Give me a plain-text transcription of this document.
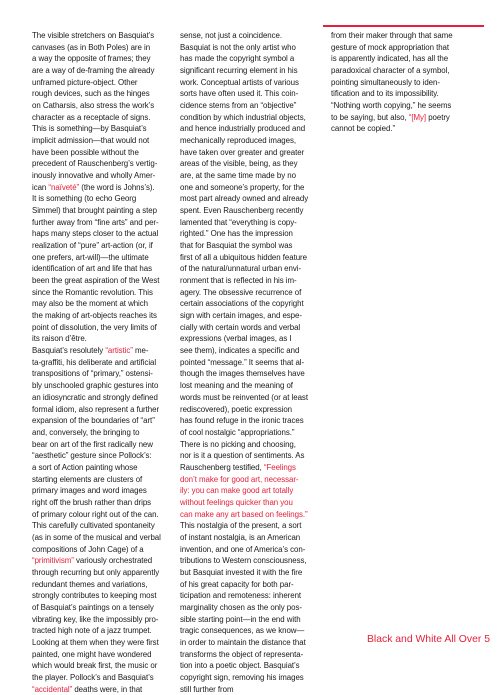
The visible stretchers on Basquiat’s
canvases (as in Both Poles) are in
a way the opposite of frames; they
are a way of de-framing the already
unframed picture-object. Other
rough devices, such as the hinges
on Catharsis, also stress the work’s
character as a receptacle of signs.
This is something—by Basquiat’s
implicit admission—that would not
have been possible without the
precedent of Rauschenberg’s vertig-
inously innovative and wholly Amer-
ican “naïveté” (the word is Johns’s).
It is something (to echo Georg
Simmel) that brought painting a step
further away from “fine arts” and per-
haps many steps closer to the actual
realization of “pure” art-action (or, if
one prefers, art-will)—the ultimate
identification of art and life that has
been the great aspiration of the West
since the Romantic revolution. This
may also be the moment at which
the making of art-objects reaches its
point of dissolution, the very limits of
its raison d’être.
Basquiat’s resolutely “artistic” me-
ta-graffiti, his deliberate and artificial
transpositions of “primary,” ostensi-
bly unschooled graphic gestures into
an idiosyncratic and strongly defined
formal idiom, also represent a further
expansion of the boundaries of “art”
and, conversely, the bringing to
bear on art of the first radically new
“aesthetic” gesture since Pollock’s:
a sort of Action painting whose
starting elements are clusters of
primary images and word images
right off the brush rather than drips
of primary colour right out of the can.
This carefully cultivated spontaneity
(as in some of the musical and verbal
compositions of John Cage) of a
“primitivism” variously orchestrated
through recurring but only apparently
redundant themes and variations,
strongly contributes to keeping most
of Basquiat’s paintings on a tensely
vibrating key, like the impossibly pro-
tracted high note of a jazz trumpet.
Looking at them when they were first
painted, one might have wondered
which would break first, the music or
the player. Pollock’s and Basquiat’s
“accidental” deaths were, in that
sense, not just a coincidence.
Basquiat is not the only artist who
has made the copyright symbol a
significant recurring element in his
work. Conceptual artists of various
sorts have often used it. This coin-
cidence stems from an “objective”
condition by which industrial objects,
and hence industrially produced and
mechanically reproduced images,
have taken over greater and greater
areas of the visible, being, as they
are, at the same time made by no
one and someone’s property, for the
most part already owned and already
spent. Even Rauschenberg recently
lamented that “everything is copy-
righted.” One has the impression
that for Basquiat the symbol was
first of all a ubiquitous hidden feature
of the natural/unnatural urban envi-
ronment that is reflected in his im-
agery. The obsessive recurrence of
certain associations of the copyright
sign with certain images, and espe-
cially with certain words and verbal
expressions (verbal images, as I
see them), indicates a specific and
pointed “message.” It seems that al-
though the images themselves have
lost meaning and the meaning of
words must be reinvented (or at least
rediscovered), poetic expression
has found refuge in the ironic traces
of cool nostalgic “appropriations.”
There is no picking and choosing,
nor is it a question of sentiments. As
Rauschenberg testified, “Feelings
don’t make for good art, necessar-
ily: you can make good art totally
without feelings quicker than you
can make any art based on feelings.”
This nostalgia of the present, a sort
of instant nostalgia, is an American
invention, and one of America’s con-
tributions to Western consciousness,
but Basquiat invested it with the fire
of his great capacity for both par-
ticipation and remoteness: inherent
marginality chosen as the only pos-
sible starting point—in the end with
tragic consequences, as we know—
in order to maintain the distance that
transforms the object of representa-
tion into a poetic object. Basquiat’s
copyright sign, removing his images
still further from
from their maker through that same
gesture of mock appropriation that
is apparently indicated, has all the
paradoxical character of a symbol,
pointing simultaneously to iden-
tification and to its impossibility.
“Nothing worth copying,” he seems
to be saying, but also, “[My] poetry
cannot be copied.”
Black and White All Over 5
